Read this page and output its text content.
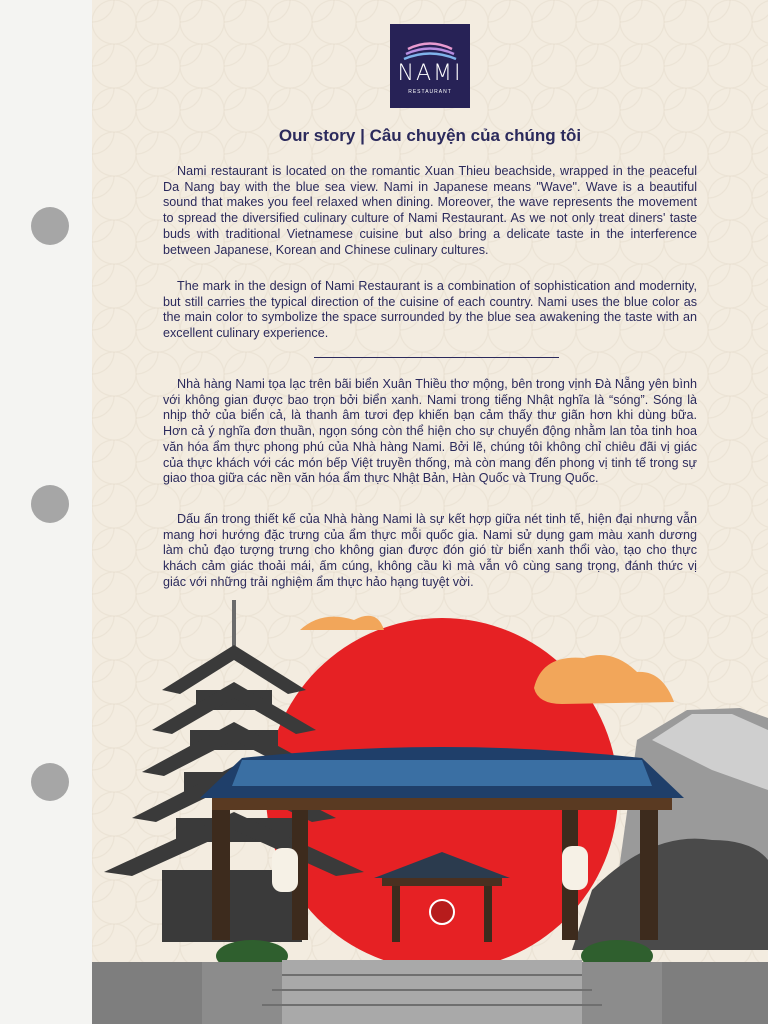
NAMI
RESTAURANT
Our story | Câu chuyện của chúng tôi

Nami restaurant is located on the romantic Xuan Thieu beachside, wrapped in the peaceful Da Nang bay with the blue sea view. Nami in Japanese means "Wave". Wave is a beautiful sound that makes you feel relaxed when dining. Moreover, the wave represents the movement to spread the diversified culinary culture of Nami Restaurant. As we not only treat diners' taste buds with traditional Vietnamese cuisine but also bring a delicate taste in the interference between Japanese, Korean and Chinese culinary cultures.

The mark in the design of Nami Restaurant is a combination of sophistication and modernity, but still carries the typical direction of the cuisine of each country. Nami uses the blue color as the main color to symbolize the space surrounded by the blue sea awakening the taste with an excellent culinary experience.

Nhà hàng Nami tọa lạc trên bãi biển Xuân Thiều thơ mộng, bên trong vịnh Đà Nẵng yên bình với không gian được bao trọn bởi biển xanh. Nami trong tiếng Nhật nghĩa là “sóng”. Sóng là nhịp thở của biển cả, là thanh âm tươi đẹp khiến bạn cảm thấy thư giãn hơn khi dùng bữa. Hơn cả ý nghĩa đơn thuần, ngọn sóng còn thể hiện cho sự chuyển động nhằm lan tỏa tinh hoa văn hóa ẩm thực phong phú của Nhà hàng Nami. Bởi lẽ, chúng tôi không chỉ chiêu đãi vị giác của thực khách với các món bếp Việt truyền thống, mà còn mang đến phong vị tinh tế trong sự giao thoa giữa các nền văn hóa ẩm thực Nhật Bản, Hàn Quốc và Trung Quốc.

Dấu ấn trong thiết kế của Nhà hàng Nami là sự kết hợp giữa nét tinh tế, hiện đại nhưng vẫn mang hơi hướng đặc trưng của ẩm thực mỗi quốc gia. Nami sử dụng gam màu xanh dương làm chủ đạo tượng trưng cho không gian được đón gió từ biển xanh thổi vào, tạo cho thực khách cảm giác thoải mái, ấm cúng, không cầu kì mà vẫn vô cùng sang trọng, đánh thức vị giác với những trải nghiệm ẩm thực hảo hạng tuyệt vời.
